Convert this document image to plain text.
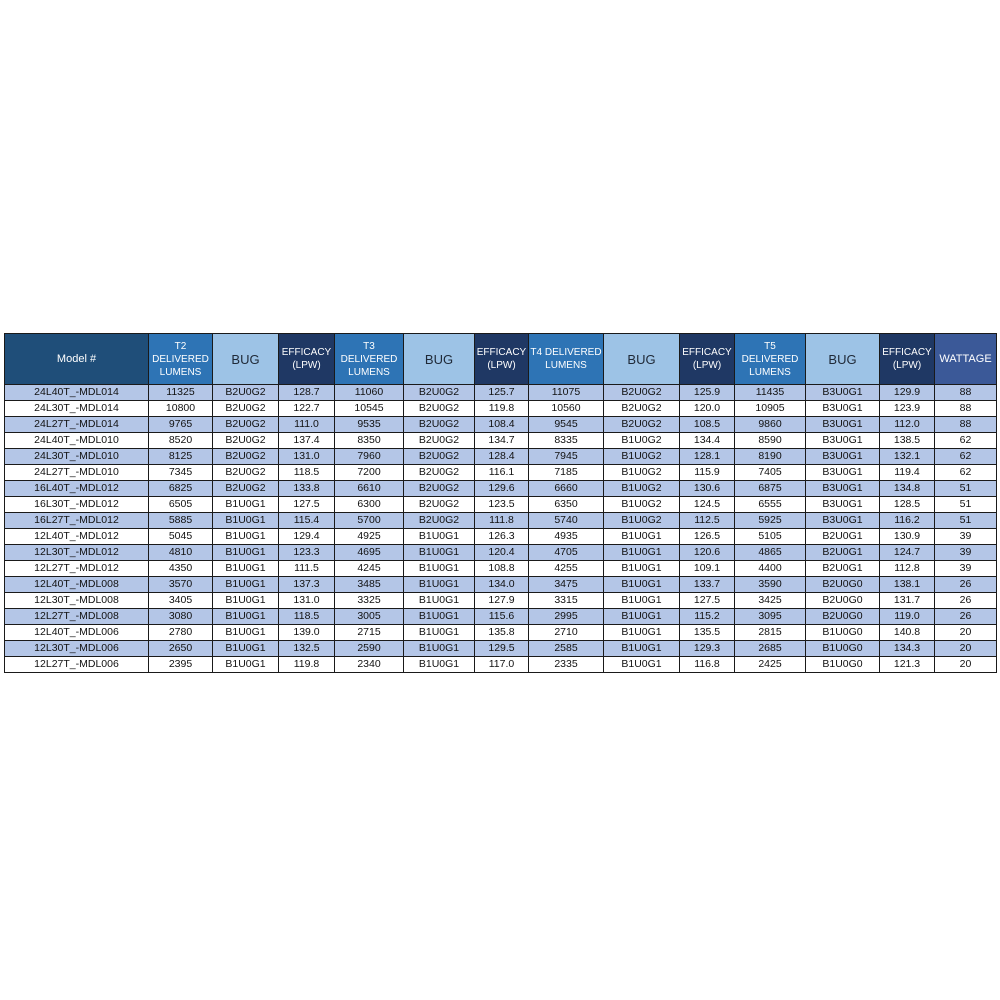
Model #	T2 DELIVERED LUMENS	BUG	EFFICACY (LPW)	T3 DELIVERED LUMENS	BUG	EFFICACY (LPW)	T4 DELIVERED LUMENS	BUG	EFFICACY (LPW)	T5 DELIVERED LUMENS	BUG	EFFICACY (LPW)	WATTAGE
24L40T_-MDL014	11325	B2U0G2	128.7	11060	B2U0G2	125.7	11075	B2U0G2	125.9	11435	B3U0G1	129.9	88
24L30T_-MDL014	10800	B2U0G2	122.7	10545	B2U0G2	119.8	10560	B2U0G2	120.0	10905	B3U0G1	123.9	88
24L27T_-MDL014	9765	B2U0G2	111.0	9535	B2U0G2	108.4	9545	B2U0G2	108.5	9860	B3U0G1	112.0	88
24L40T_-MDL010	8520	B2U0G2	137.4	8350	B2U0G2	134.7	8335	B1U0G2	134.4	8590	B3U0G1	138.5	62
24L30T_-MDL010	8125	B2U0G2	131.0	7960	B2U0G2	128.4	7945	B1U0G2	128.1	8190	B3U0G1	132.1	62
24L27T_-MDL010	7345	B2U0G2	118.5	7200	B2U0G2	116.1	7185	B1U0G2	115.9	7405	B3U0G1	119.4	62
16L40T_-MDL012	6825	B2U0G2	133.8	6610	B2U0G2	129.6	6660	B1U0G2	130.6	6875	B3U0G1	134.8	51
16L30T_-MDL012	6505	B1U0G1	127.5	6300	B2U0G2	123.5	6350	B1U0G2	124.5	6555	B3U0G1	128.5	51
16L27T_-MDL012	5885	B1U0G1	115.4	5700	B2U0G2	111.8	5740	B1U0G2	112.5	5925	B3U0G1	116.2	51
12L40T_-MDL012	5045	B1U0G1	129.4	4925	B1U0G1	126.3	4935	B1U0G1	126.5	5105	B2U0G1	130.9	39
12L30T_-MDL012	4810	B1U0G1	123.3	4695	B1U0G1	120.4	4705	B1U0G1	120.6	4865	B2U0G1	124.7	39
12L27T_-MDL012	4350	B1U0G1	111.5	4245	B1U0G1	108.8	4255	B1U0G1	109.1	4400	B2U0G1	112.8	39
12L40T_-MDL008	3570	B1U0G1	137.3	3485	B1U0G1	134.0	3475	B1U0G1	133.7	3590	B2U0G0	138.1	26
12L30T_-MDL008	3405	B1U0G1	131.0	3325	B1U0G1	127.9	3315	B1U0G1	127.5	3425	B2U0G0	131.7	26
12L27T_-MDL008	3080	B1U0G1	118.5	3005	B1U0G1	115.6	2995	B1U0G1	115.2	3095	B2U0G0	119.0	26
12L40T_-MDL006	2780	B1U0G1	139.0	2715	B1U0G1	135.8	2710	B1U0G1	135.5	2815	B1U0G0	140.8	20
12L30T_-MDL006	2650	B1U0G1	132.5	2590	B1U0G1	129.5	2585	B1U0G1	129.3	2685	B1U0G0	134.3	20
12L27T_-MDL006	2395	B1U0G1	119.8	2340	B1U0G1	117.0	2335	B1U0G1	116.8	2425	B1U0G0	121.3	20
